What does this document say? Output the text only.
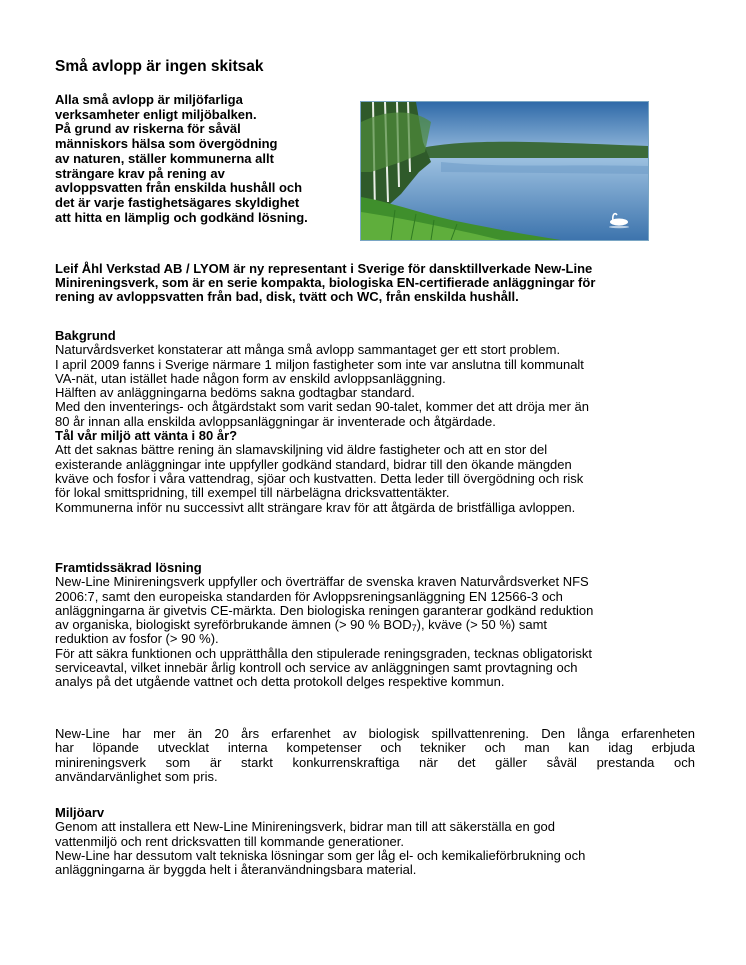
Små avlopp är ingen skitsak
Alla små avlopp är miljöfarliga
verksamheter enligt miljöbalken.
På grund av riskerna för såväl
människors hälsa som övergödning
av naturen, ställer kommunerna allt
strängare krav på rening av
avloppsvatten från enskilda hushåll och
det är varje fastighetsägares skyldighet
att hitta en lämplig och godkänd lösning.
Leif Åhl Verkstad AB / LYOM är ny representant i Sverige för dansktillverkade New-Line
Minireningsverk, som är en serie kompakta, biologiska EN-certifierade anläggningar för
rening av avloppsvatten från bad, disk, tvätt och WC, från enskilda hushåll.
Bakgrund
Naturvårdsverket konstaterar att många små avlopp sammantaget ger ett stort problem.
I april 2009 fanns i Sverige närmare 1 miljon fastigheter som inte var anslutna till kommunalt
VA-nät, utan istället hade någon form av enskild avloppsanläggning.
Hälften av anläggningarna bedöms sakna godtagbar standard.
Med den inventerings- och åtgärdstakt som varit sedan 90-talet, kommer det att dröja mer än
80 år innan alla enskilda avloppsanläggningar är inventerade och åtgärdade.
Tål vår miljö att vänta i 80 år?
Att det saknas bättre rening än slamavskiljning vid äldre fastigheter och att en stor del
existerande anläggningar inte uppfyller godkänd standard, bidrar till den ökande mängden
kväve och fosfor i våra vattendrag, sjöar och kustvatten. Detta leder till övergödning och risk
för lokal smittspridning, till exempel till närbelägna dricksvattentäkter.
Kommunerna inför nu successivt allt strängare krav för att åtgärda de bristfälliga avloppen.
Framtidssäkrad lösning
New-Line Minireningsverk uppfyller och överträffar de svenska kraven Naturvårdsverket NFS
2006:7, samt den europeiska standarden för Avloppsreningsanläggning EN 12566-3 och
anläggningarna är givetvis CE-märkta. Den biologiska reningen garanterar godkänd reduktion
av organiska, biologiskt syreförbrukande ämnen (> 90 % $BOD_7$), kväve (> 50 %) samt
reduktion av fosfor (> 90 %).
För att säkra funktionen och upprätthålla den stipulerade reningsgraden, tecknas obligatoriskt
serviceavtal, vilket innebär årlig kontroll och service av anläggningen samt provtagning och
analys på det utgående vattnet och detta protokoll delges respektive kommun.
New-Line har mer än 20 års erfarenhet av biologisk spillvattenrening. Den långa erfarenheten
har löpande utvecklat interna kompetenser och tekniker och man kan idag erbjuda
minireningsverk som är starkt konkurrenskraftiga när det gäller såväl prestanda och
användarvänlighet som pris.
Miljöarv
Genom att installera ett New-Line Minireningsverk, bidrar man till att säkerställa en god
vattenmiljö och rent dricksvatten till kommande generationer.
New-Line har dessutom valt tekniska lösningar som ger låg el- och kemikalieförbrukning och
anläggningarna är byggda helt i återanvändningsbara material.
